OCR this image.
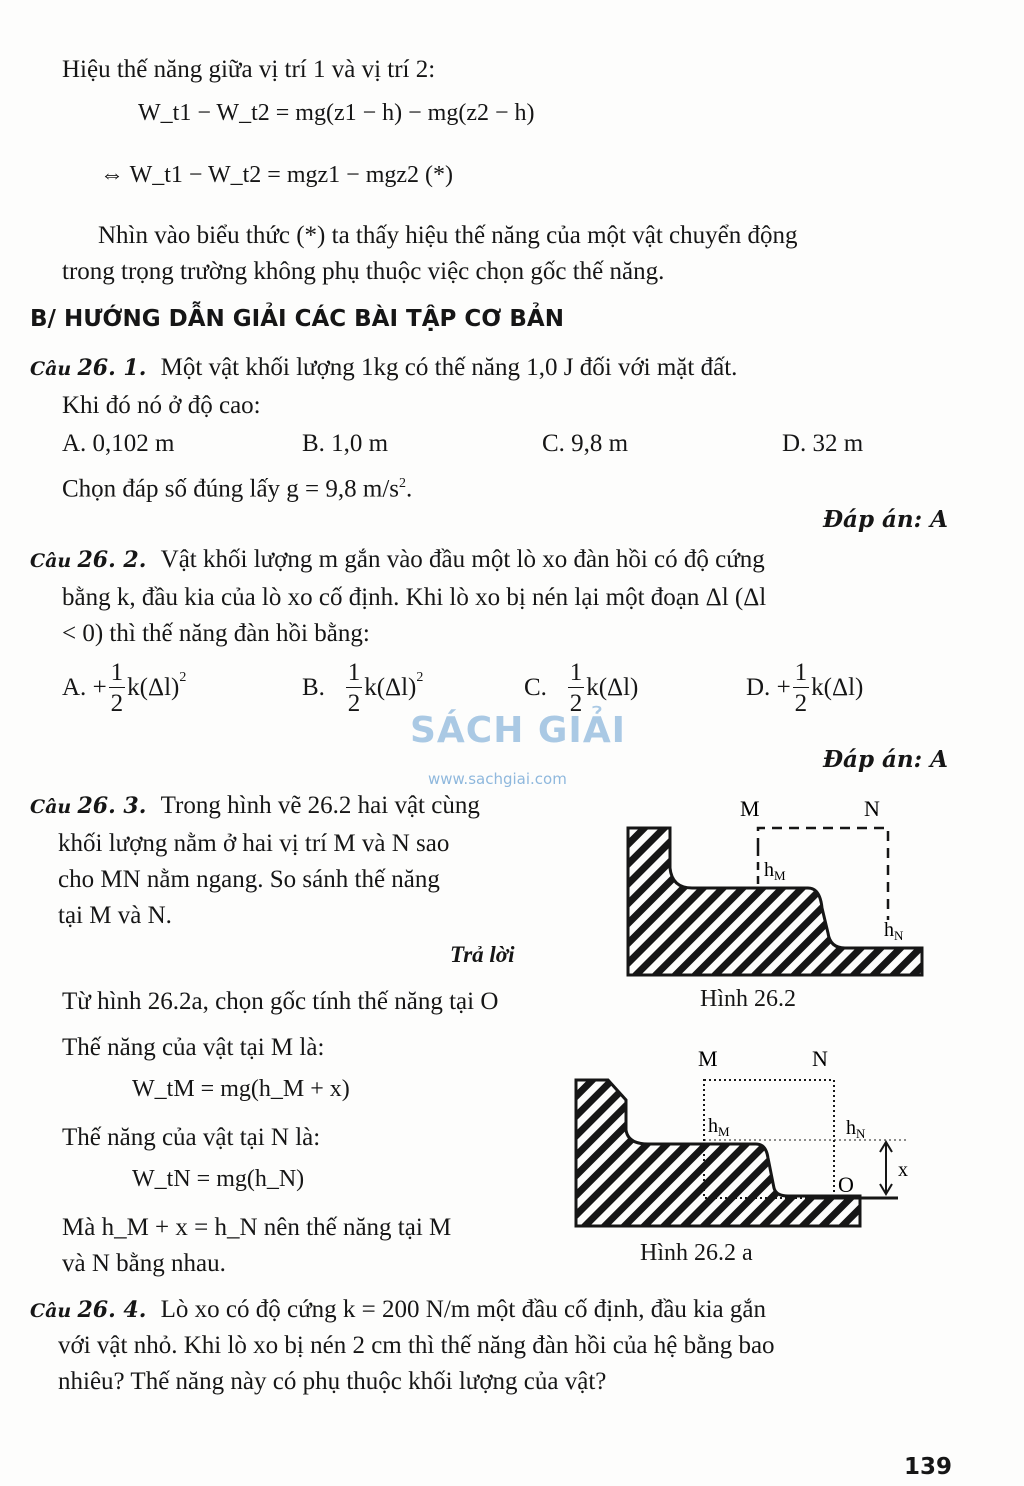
Hiệu thế năng giữa vị trí 1 và vị trí 2:
W_t1 − W_t2 = mg(z1 − h) − mg(z2 − h)
⇔ W_t1 − W_t2 = mgz1 − mgz2 (*)
Nhìn vào biểu thức (*) ta thấy hiệu thế năng của một vật chuyển động
trong trọng trường không phụ thuộc việc chọn gốc thế năng.
B/ HƯỚNG DẪN GIẢI CÁC BÀI TẬP CƠ BẢN
Câu 26. 1. Một vật khối lượng 1kg có thế năng 1,0 J đối với mặt đất.
Khi đó nó ở độ cao:
A. 0,102 m	B. 1,0 m	C. 9,8 m	D. 32 m
Chọn đáp số đúng lấy g = 9,8 $m/s^2$.
Đáp án: A
Câu 26. 2. Vật khối lượng m gắn vào đầu một lò xo đàn hồi có độ cứng
bằng k, đầu kia của lò xo cố định. Khi lò xo bị nén lại một đoạn Δl (Δl
< 0) thì thế năng đàn hồi bằng:
A.
+ $\frac{1}{2} k(\Delta l)^2$	B.
$\frac{1}{2} k(\Delta l)^2$	C.
$\frac{1}{2} k(\Delta l)$	D.
+ $\frac{1}{2} k(\Delta l)$
SÁCH GIẢI
www.sachgiai.com
Đáp án: A
Câu 26. 3. Trong hình vẽ 26.2 hai vật cùng
khối lượng nằm ở hai vị trí M và N sao
cho MN nằm ngang. So sánh thế năng
tại M và N.
Trả lời
M	N
$h_M$
$h_N$
Hình 26.2
Từ hình 26.2a, chọn gốc tính thế năng tại O
Thế năng của vật tại M là:
W_tM = mg(h_M + x)
Thế năng của vật tại N là:
W_tN = mg(h_N)
Mà h_M + x = h_N nên thế năng tại M
và N bằng nhau.
M	N
$h_M$	$h_N$
O
x
Hình 26.2 a
Câu 26. 4. Lò xo có độ cứng k = 200 N/m một đầu cố định, đầu kia gắn
với vật nhỏ. Khi lò xo bị nén 2 cm thì thế năng đàn hồi của hệ bằng bao
nhiêu? Thế năng này có phụ thuộc khối lượng của vật?
139
